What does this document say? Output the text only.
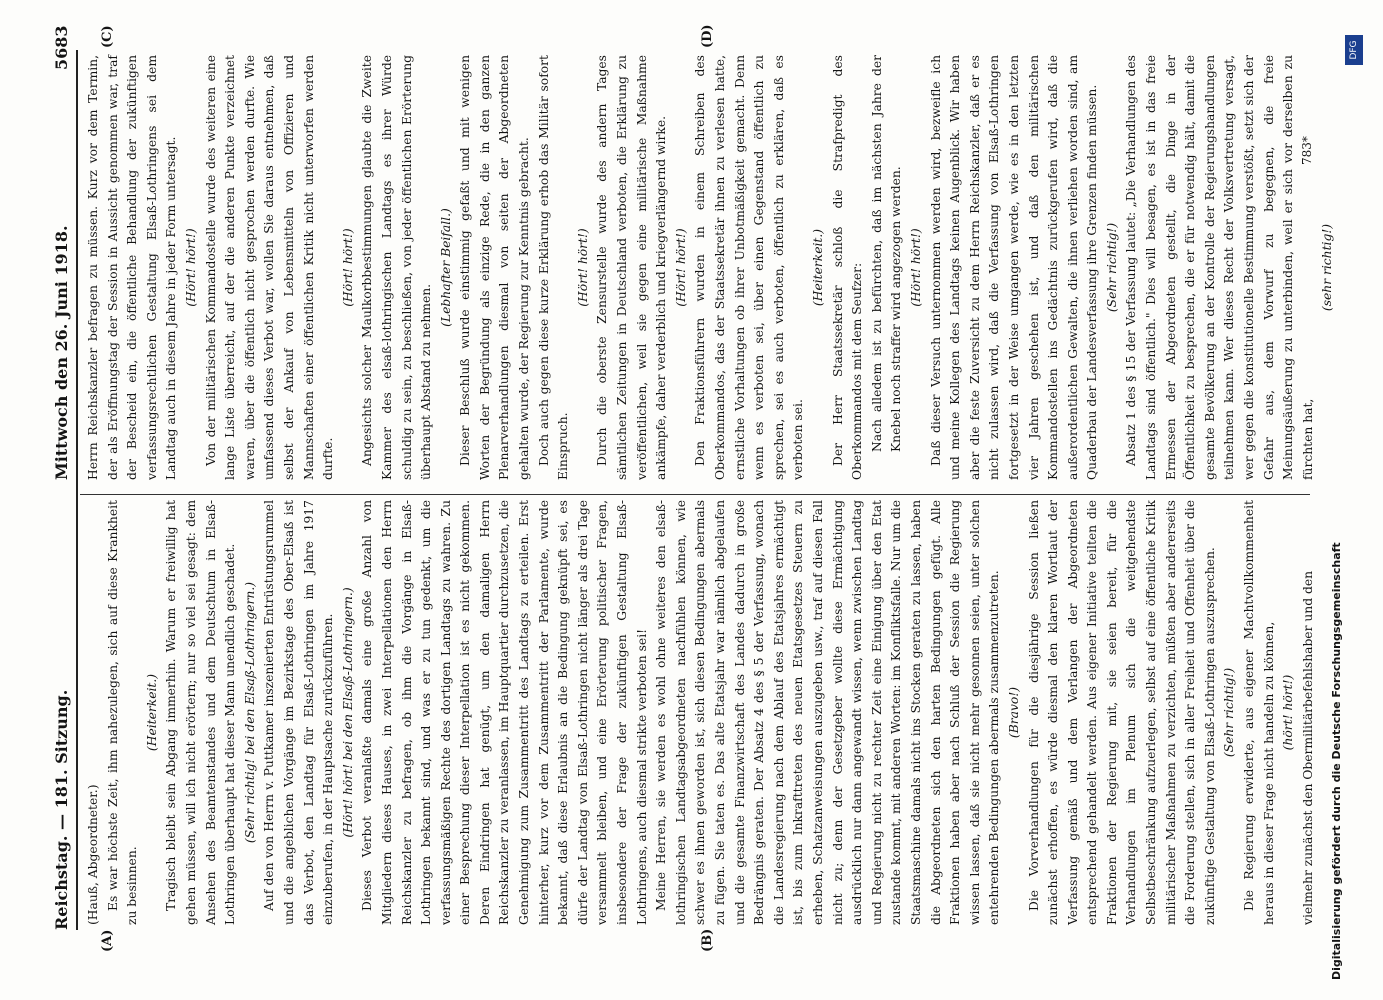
Reichstag. — 181. Sitzung.
Mittwoch den 26. Juni 1918.
5683
(A)	(B)
(C)	(D)

(Hauß, Abgeordneter.) Es war höchste Zeit, ihm nahezulegen, sich auf diese Krankheit zu besinnen.

(Heiterkeit.) Tragisch bleibt sein Abgang immerhin. Warum er freiwillig hat gehen müssen, will ich nicht erörtern; nur so viel sei gesagt: dem Ansehen des Beamtenstandes und dem Deutschtum in Elsaß-Lothringen überhaupt hat dieser Mann unendlich geschadet. (Sehr richtig! bei den Elsaß-Lothringern.) Auf den von Herrn v. Puttkamer inszenierten Entrüstungsrummel und die angeblichen Vorgänge im Bezirkstage des Ober-Elsaß ist das Verbot, den Landtag für Elsaß-Lothringen im Jahre 1917 einzuberufen, in der Hauptsache zurückzuführen. (Hört! hört! bei den Elsaß-Lothringern.) Dieses Verbot veranlaßte damals eine große Anzahl von Mitgliedern dieses Hauses, in zwei Interpellationen den Herrn Reichskanzler zu befragen, ob ihm die Vorgänge in Elsaß-Lothringen bekannt sind, und was er zu tun gedenkt, um die verfassungsmäßigen Rechte des dortigen Landtags zu wahren. Zu einer Besprechung dieser Interpellation ist es nicht gekommen. Deren Eindringen hat genügt, um den damaligen Herrn Reichskanzler zu veranlassen, im Hauptquartier durchzusetzen, die Genehmigung zum Zusammentritt des Landtags zu erteilen. Erst hinterher, kurz vor dem Zusammentritt der Parlamente, wurde bekannt, daß diese Erlaubnis an die Bedingung geknüpft sei, es dürfe der Landtag von Elsaß-Lothringen nicht länger als drei Tage versammelt bleiben, und eine Erörterung politischer Fragen, insbesondere der Frage der zukünftigen Gestaltung Elsaß-Lothringens, auch diesmal strikte verboten sei! Meine Herren, sie werden es wohl ohne weiteres den elsaß-lothringischen Landtagsabgeordneten nachfühlen können, wie schwer es ihnen geworden ist, sich diesen Bedingungen abermals zu fügen. Sie taten es. Das alte Etatsjahr war nämlich abgelaufen und die gesamte Finanzwirtschaft des Landes dadurch in große Bedrängnis geraten. Der Absatz 4 des § 5 der Verfassung, wonach die Landesregierung nach dem Ablauf des Etatsjahres ermächtigt ist, bis zum Inkrafttreten des neuen Etatsgesetzes Steuern zu erheben, Schatzanweisungen auszugeben usw., traf auf diesen Fall nicht zu; denn der Gesetzgeber wollte diese Ermächtigung ausdrücklich nur dann angewandt wissen, wenn zwischen Landtag und Regierung nicht zu rechter Zeit eine Einigung über den Etat zustande kommt, mit anderen Worten: im Konfliktsfalle. Nur um die Staatsmaschine damals nicht ins Stocken geraten zu lassen, haben die Abgeordneten sich den harten Bedingungen gefügt. Alle Fraktionen haben aber nach Schluß der Session die Regierung wissen lassen, daß sie nicht mehr gesonnen seien, unter solchen entehrenden Bedingungen abermals zusammenzutreten. (Bravo!) Die Vorverhandlungen für die diesjährige Session ließen zunächst erhoffen, es würde diesmal den klaren Wortlaut der Verfassung gemäß und dem Verlangen der Abgeordneten entsprechend gehandelt werden. Aus eigener Initiative teilten die Fraktionen der Regierung mit, sie seien bereit, für die Verhandlungen im Plenum sich die weitgehendste Selbstbeschränkung aufzuerlegen, selbst auf eine öffentliche Kritik militärischer Maßnahmen zu verzichten, müßten aber andererseits die Forderung stellen, sich in aller Freiheit und Offenheit über die zukünftige Gestaltung von Elsaß-Lothringen auszusprechen. (Sehr richtig!) Die Regierung erwiderte, aus eigener Machtvollkommenheit heraus in dieser Frage nicht handeln zu können, (hört! hört!) vielmehr zunächst den Obermilitärbefehlshaber und den

Herrn Reichskanzler befragen zu müssen. Kurz vor dem Termin, der als Eröffnungstag der Session in Aussicht genommen war, traf der Bescheid ein, die öffentliche Behandlung der zukünftigen verfassungsrechtlichen Gestaltung Elsaß-Lothringens sei dem Landtag auch in diesem Jahre in jeder Form untersagt. (Hört! hört!) Von der militärischen Kommandostelle wurde des weiteren eine lange Liste überreicht, auf der die anderen Punkte verzeichnet waren, über die öffentlich nicht gesprochen werden durfte. Wie umfassend dieses Verbot war, wollen Sie daraus entnehmen, daß selbst der Ankauf von Lebensmitteln von Offizieren und Mannschaften einer öffentlichen Kritik nicht unterworfen werden durfte.

(Hört! hört!) Angesichts solcher Maulkorbbestimmungen glaubte die Zweite Kammer des elsaß-lothringischen Landtags es ihrer Würde schuldig zu sein, zu beschließen, von jeder öffentlichen Erörterung überhaupt Abstand zu nehmen.

(Lebhafter Beifall.) Dieser Beschluß wurde einstimmig gefaßt und mit wenigen Worten der Begründung als einzige Rede, die in den ganzen Plenarverhandlungen diesmal von seiten der Abgeordneten gehalten wurde, der Regierung zur Kenntnis gebracht. Doch auch gegen diese kurze Erklärung erhob das Militär sofort Einspruch.

(Hört! hört!) Durch die oberste Zensurstelle wurde des andern Tages sämtlichen Zeitungen in Deutschland verboten, die Erklärung zu veröffentlichen, weil sie gegen eine militärische Maßnahme ankämpfe, daher verderblich und kriegverlängernd wirke. (Hört! hört!) Den Fraktionsführern wurden in einem Schreiben des Oberkommandos, das der Staatssekretär ihnen zu verlesen hatte, ernstliche Vorhaltungen ob ihrer Unbotmäßigkeit gemacht. Denn wenn es verboten sei, über einen Gegenstand öffentlich zu sprechen, sei es auch verboten, öffentlich zu erklären, daß es verboten sei.

(Heiterkeit.) Der Herr Staatssekretär schloß die Strafpredigt des Oberkommandos mit dem Seufzer: Nach alledem ist zu befürchten, daß im nächsten Jahre der Knebel noch straffer wird angezogen werden. (Hört! hört!) Daß dieser Versuch unternommen werden wird, bezweifle ich und meine Kollegen des Landtags keinen Augenblick. Wir haben aber die feste Zuversicht zu dem Herrn Reichskanzler, daß er es nicht zulassen wird, daß die Verfassung von Elsaß-Lothringen fortgesetzt in der Weise umgangen werde, wie es in den letzten vier Jahren geschehen ist, und daß den militärischen Kommandostellen ins Gedächtnis zurückgerufen wird, daß die außerordentlichen Gewalten, die ihnen verliehen worden sind, am Quaderbau der Landesverfassung ihre Grenzen finden müssen. (Sehr richtig!) Absatz 1 des § 15 der Verfassung lautet: „Die Verhandlungen des Landtags sind öffentlich." Dies will besagen, es ist in das freie Ermessen der Abgeordneten gestellt, die Dinge in der Öffentlichkeit zu besprechen, die er für notwendig hält, damit die gesamte Bevölkerung an der Kontrolle der Regierungshandlungen teilnehmen kann. Wer dieses Recht der Volksvertretung versagt, wer gegen die konstitutionelle Bestimmung verstößt, setzt sich der Gefahr aus, dem Vorwurf zu begegnen, die freie Meinungsäußerung zu unterbinden, weil er sich vor derselben zu fürchten hat,

(sehr richtig!)

783*
Digitalisierung gefördert durch die Deutsche Forschungsgemeinschaft
DFG
